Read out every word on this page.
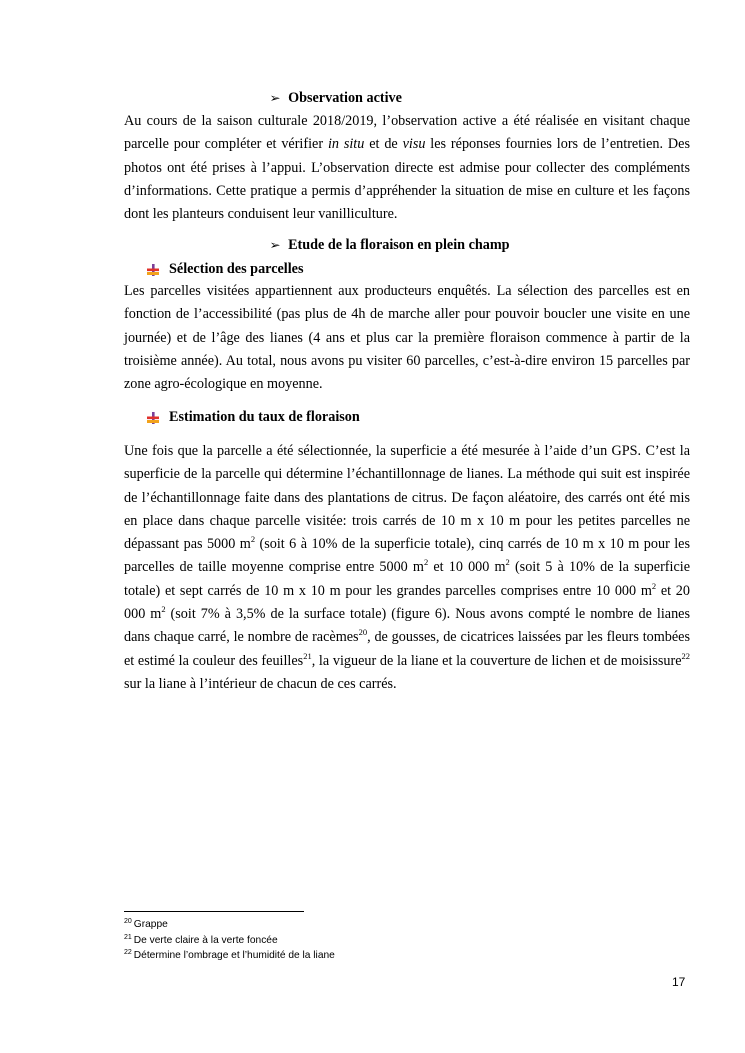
➢ Observation active

Au cours de la saison culturale 2018/2019, l’observation active a été réalisée en visitant chaque parcelle pour compléter et vérifier in situ et de visu les réponses fournies lors de l’entretien. Des photos ont été prises à l’appui. L’observation directe est admise pour collecter des compléments d’informations. Cette pratique a permis d’appréhender la situation de mise en culture et les façons dont les planteurs conduisent leur vanilliculture.

➢ Etude de la floraison en plein champ
Sélection des parcelles

Les parcelles visitées appartiennent aux producteurs enquêtés. La sélection des parcelles est en fonction de l’accessibilité (pas plus de 4h de marche aller pour pouvoir boucler une visite en une journée) et de l’âge des lianes (4 ans et plus car la première floraison commence à partir de la troisième année). Au total, nous avons pu visiter 60 parcelles, c’est-à-dire environ 15 parcelles par zone agro-écologique en moyenne.

Estimation du taux de floraison

Une fois que la parcelle a été sélectionnée, la superficie a été mesurée à l’aide d’un GPS. C’est la superficie de la parcelle qui détermine l’échantillonnage de lianes. La méthode qui suit est inspirée de l’échantillonnage faite dans des plantations de citrus. De façon aléatoire, des carrés ont été mis en place dans chaque parcelle visitée: trois carrés de 10 m x 10 m pour les petites parcelles ne dépassant pas 5000 $m^2$ (soit 6 à 10% de la superficie totale), cinq carrés de 10 m x 10 m pour les parcelles de taille moyenne comprise entre 5000 $m^2$ et 10 000 $m^2$ (soit 5 à 10% de la superficie totale) et sept carrés de 10 m x 10 m pour les grandes parcelles comprises entre 10 000 $m^2$ et 20 000 $m^2$ (soit 7% à 3,5% de la surface totale) (figure 6). Nous avons compté le nombre de lianes dans chaque carré, le nombre de racèmes$^{20}$, de gousses, de cicatrices laissées par les fleurs tombées et estimé la couleur des feuilles$^{21}$, la vigueur de la liane et la couverture de lichen et de moisissure$^{22}$ sur la liane à l’intérieur de chacun de ces carrés.

$^{20}$ Grappe
$^{21}$ De verte claire à la verte foncée
$^{22}$ Détermine l’ombrage et l’humidité de la liane
17
